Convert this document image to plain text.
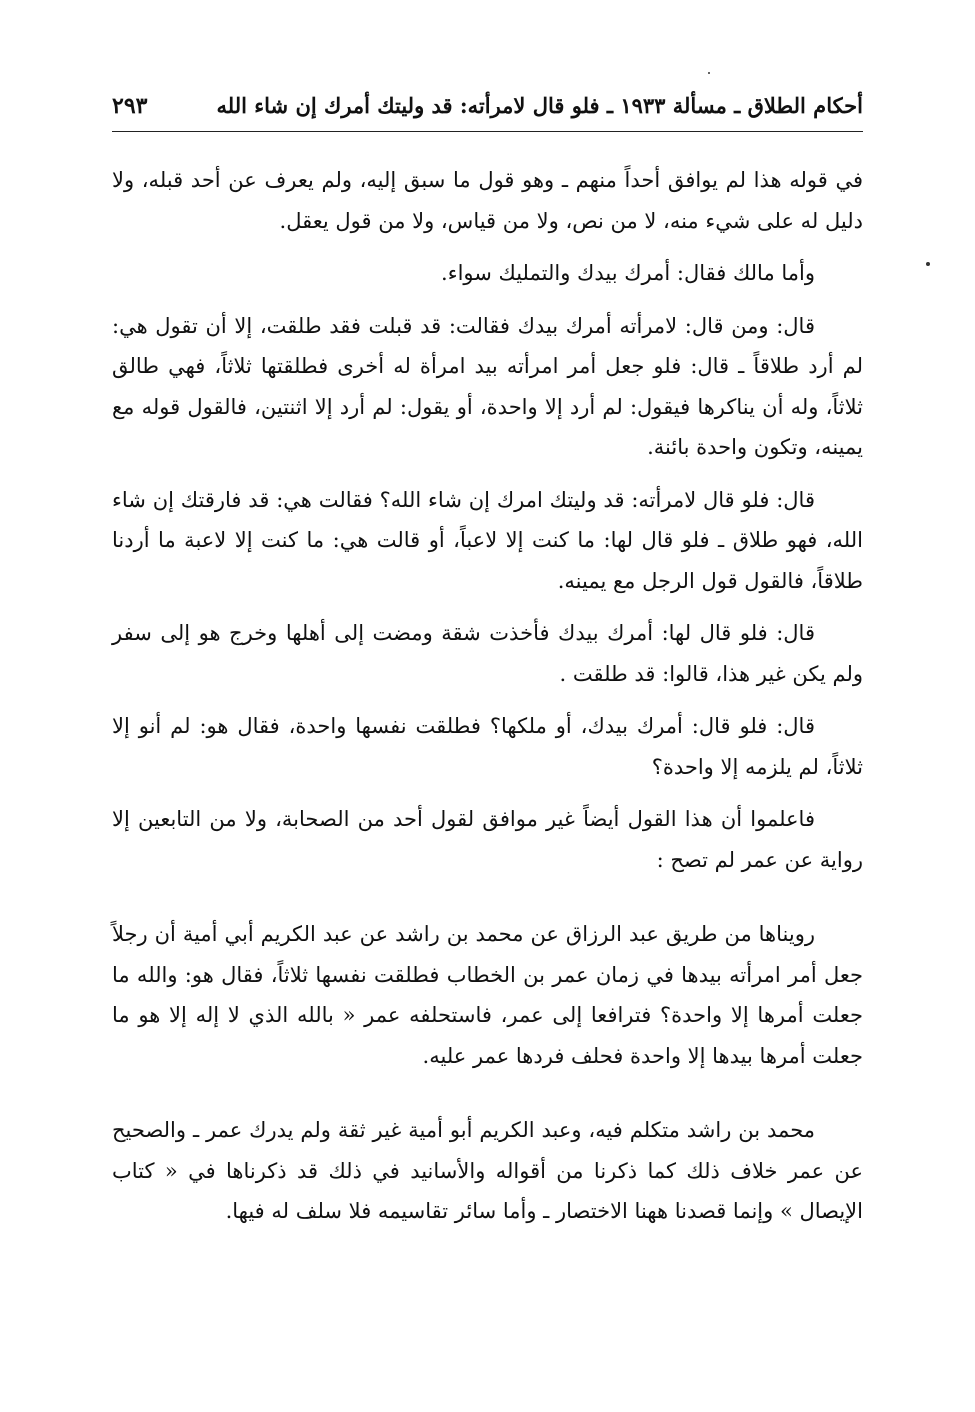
أحكام الطلاق ـ مسألة ١٩٣٣ ـ فلو قال لامرأته: قد وليتك أمرك إن شاء الله
٢٩٣

في قوله هذا لم يوافق أحداً منهم ـ وهو قول ما سبق إليه، ولم يعرف عن أحد قبله، ولا دليل له على شيء منه، لا من نص، ولا من قياس، ولا من قول يعقل.

وأما مالك فقال: أمرك بيدك والتمليك سواء.

قال: ومن قال: لامرأته أمرك بيدك فقالت: قد قبلت فقد طلقت، إلا أن تقول هي: لم أرد طلاقاً ـ قال: فلو جعل أمر امرأته بيد امرأة له أخرى فطلقتها ثلاثاً، فهي طالق ثلاثاً، وله أن يناكرها فيقول: لم أرد إلا واحدة، أو يقول: لم أرد إلا اثنتين، فالقول قوله مع يمينه، وتكون واحدة بائنة.

قال: فلو قال لامرأته: قد وليتك امرك إن شاء الله؟ فقالت هي: قد فارقتك إن شاء الله، فهو طلاق ـ فلو قال لها: ما كنت إلا لاعباً، أو قالت هي: ما كنت إلا لاعبة ما أردنا طلاقاً، فالقول قول الرجل مع يمينه.

قال: فلو قال لها: أمرك بيدك فأخذت شقة ومضت إلى أهلها وخرج هو إلى سفر ولم يكن غير هذا، قالوا: قد طلقت .

قال: فلو قال: أمرك بيدك، أو ملكها؟ فطلقت نفسها واحدة، فقال هو: لم أنو إلا ثلاثاً، لم يلزمه إلا واحدة؟

فاعلموا أن هذا القول أيضاً غير موافق لقول أحد من الصحابة، ولا من التابعين إلا رواية عن عمر لم تصح :

رويناها من طريق عبد الرزاق عن محمد بن راشد عن عبد الكريم أبي أمية أن رجلاً جعل أمر امرأته بيدها في زمان عمر بن الخطاب فطلقت نفسها ثلاثاً، فقال هو: والله ما جعلت أمرها إلا واحدة؟ فترافعا إلى عمر، فاستحلفه عمر « بالله الذي لا إله إلا هو ما جعلت أمرها بيدها إلا واحدة فحلف فردها عمر عليه.

محمد بن راشد متكلم فيه، وعبد الكريم أبو أمية غير ثقة ولم يدرك عمر ـ والصحيح عن عمر خلاف ذلك كما ذكرنا من أقواله والأسانيد في ذلك قد ذكرناها في « كتاب الإيصال » وإنما قصدنا ههنا الاختصار ـ وأما سائر تقاسيمه فلا سلف له فيها.
